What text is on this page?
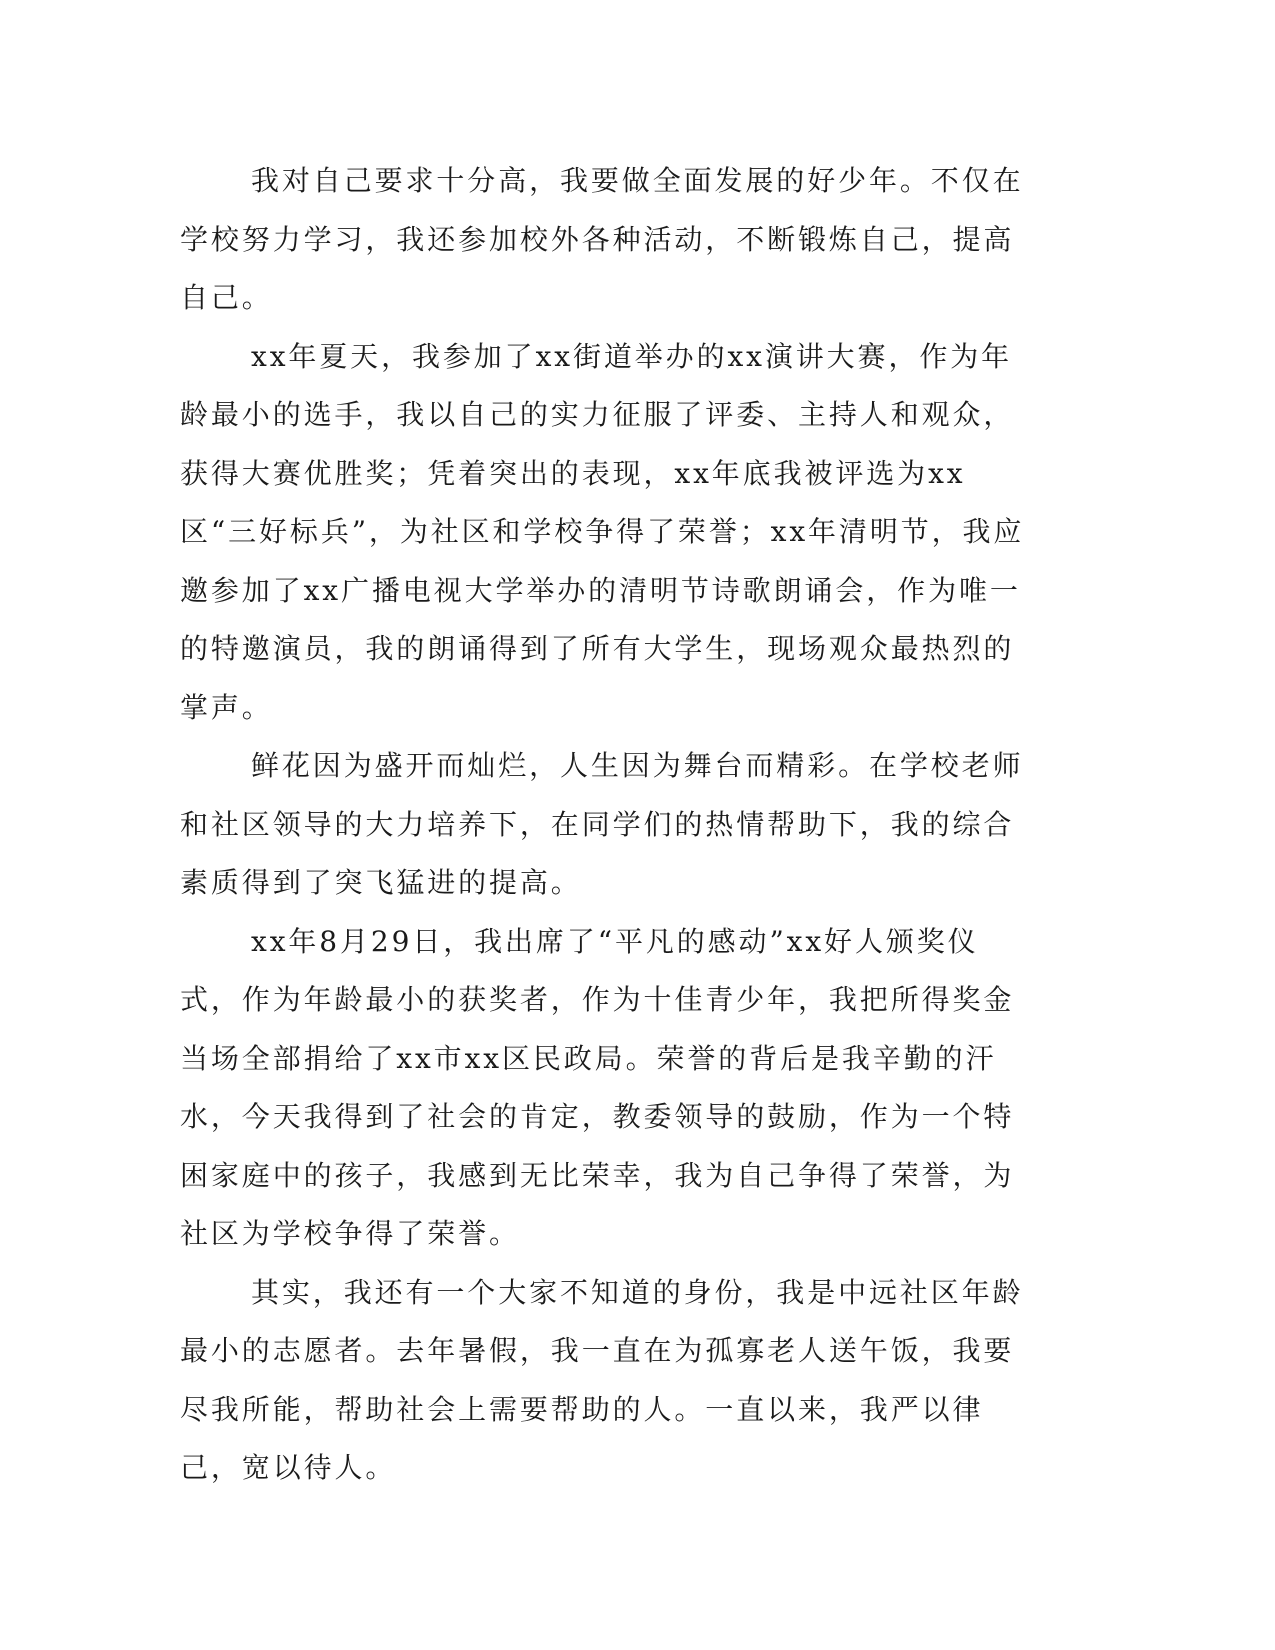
我对自己要求十分高，我要做全面发展的好少年。不仅在学校努力学习，我还参加校外各种活动，不断锻炼自己，提高自己。

xx年夏天，我参加了xx街道举办的xx演讲大赛，作为年龄最小的选手，我以自己的实力征服了评委、主持人和观众，获得大赛优胜奖；凭着突出的表现，xx年底我被评选为xx区“三好标兵”，为社区和学校争得了荣誉；xx年清明节，我应邀参加了xx广播电视大学举办的清明节诗歌朗诵会，作为唯一的特邀演员，我的朗诵得到了所有大学生，现场观众最热烈的掌声。

鲜花因为盛开而灿烂，人生因为舞台而精彩。在学校老师和社区领导的大力培养下，在同学们的热情帮助下，我的综合素质得到了突飞猛进的提高。

xx年8月29日，我出席了“平凡的感动”xx好人颁奖仪式，作为年龄最小的获奖者，作为十佳青少年，我把所得奖金当场全部捐给了xx市xx区民政局。荣誉的背后是我辛勤的汗水，今天我得到了社会的肯定，教委领导的鼓励，作为一个特困家庭中的孩子，我感到无比荣幸，我为自己争得了荣誉，为社区为学校争得了荣誉。

其实，我还有一个大家不知道的身份，我是中远社区年龄最小的志愿者。去年暑假，我一直在为孤寡老人送午饭，我要尽我所能，帮助社会上需要帮助的人。一直以来，我严以律己，宽以待人。
